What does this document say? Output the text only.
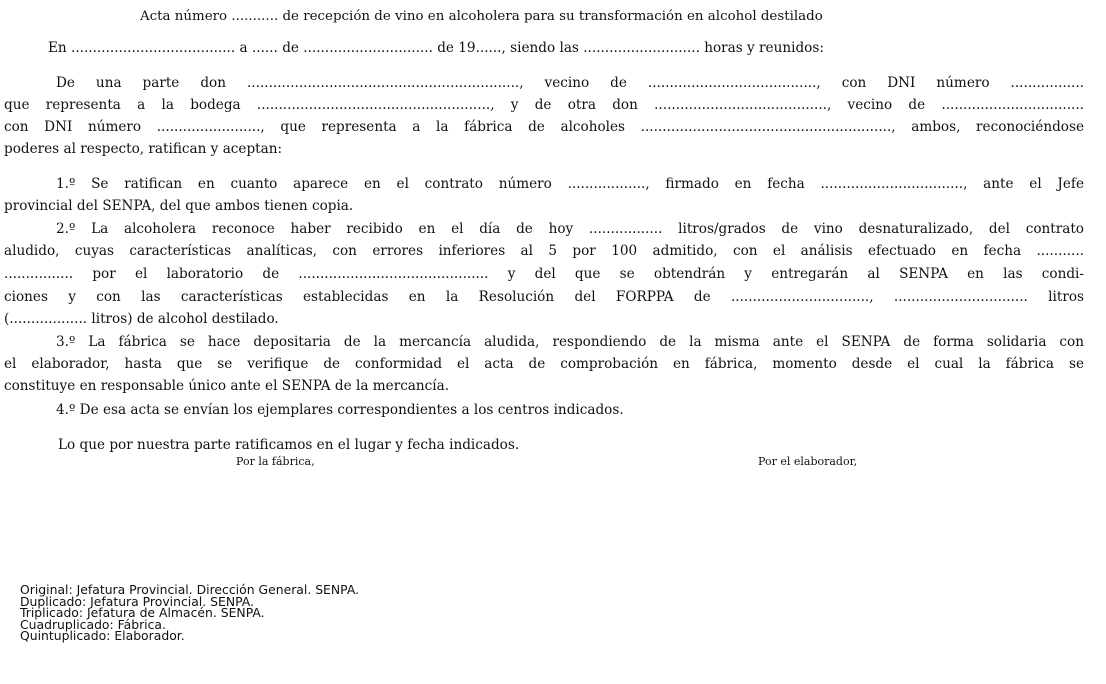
Acta número ........... de recepción de vino en alcoholera para su transformación en alcohol destilado
En ...................................... a ...... de .............................. de 19......, siendo las ........................... horas y reunidos:
De una parte don ..............................................................., vecino de ......................................., con DNI número .................
que representa a la bodega ......................................................, y de otra don ........................................, vecino de .................................
con DNI número ........................, que representa a la fábrica de alcoholes .........................................................., ambos, reconociéndose
poderes al respecto, ratifican y aceptan:
1.º Se ratifican en cuanto aparece en el contrato número .................., firmado en fecha ................................., ante el Jefe
provincial del SENPA, del que ambos tienen copia.
2.º La alcoholera reconoce haber recibido en el día de hoy ................. litros/grados de vino desnaturalizado, del contrato
aludido, cuyas características analíticas, con errores inferiores al 5 por 100 admitido, con el análisis efectuado en fecha ...........
................ por el laboratorio de ............................................ y del que se obtendrán y entregarán al SENPA en las condi-
ciones y con las características establecidas en la Resolución del FORPPA de ................................, ............................... litros
(.................. litros) de alcohol destilado.
3.º La fábrica se hace depositaria de la mercancía aludida, respondiendo de la misma ante el SENPA de forma solidaria con
el elaborador, hasta que se verifique de conformidad el acta de comprobación en fábrica, momento desde el cual la fábrica se
constituye en responsable único ante el SENPA de la mercancía.
4.º De esa acta se envían los ejemplares correspondientes a los centros indicados.
Lo que por nuestra parte ratificamos en el lugar y fecha indicados.
Por la fábrica,	Por el elaborador,
Original: Jefatura Provincial. Dirección General. SENPA.
Duplicado: Jefatura Provincial. SENPA.
Triplicado: Jefatura de Almacén. SENPA.
Cuadruplicado: Fábrica.
Quintuplicado: Elaborador.
